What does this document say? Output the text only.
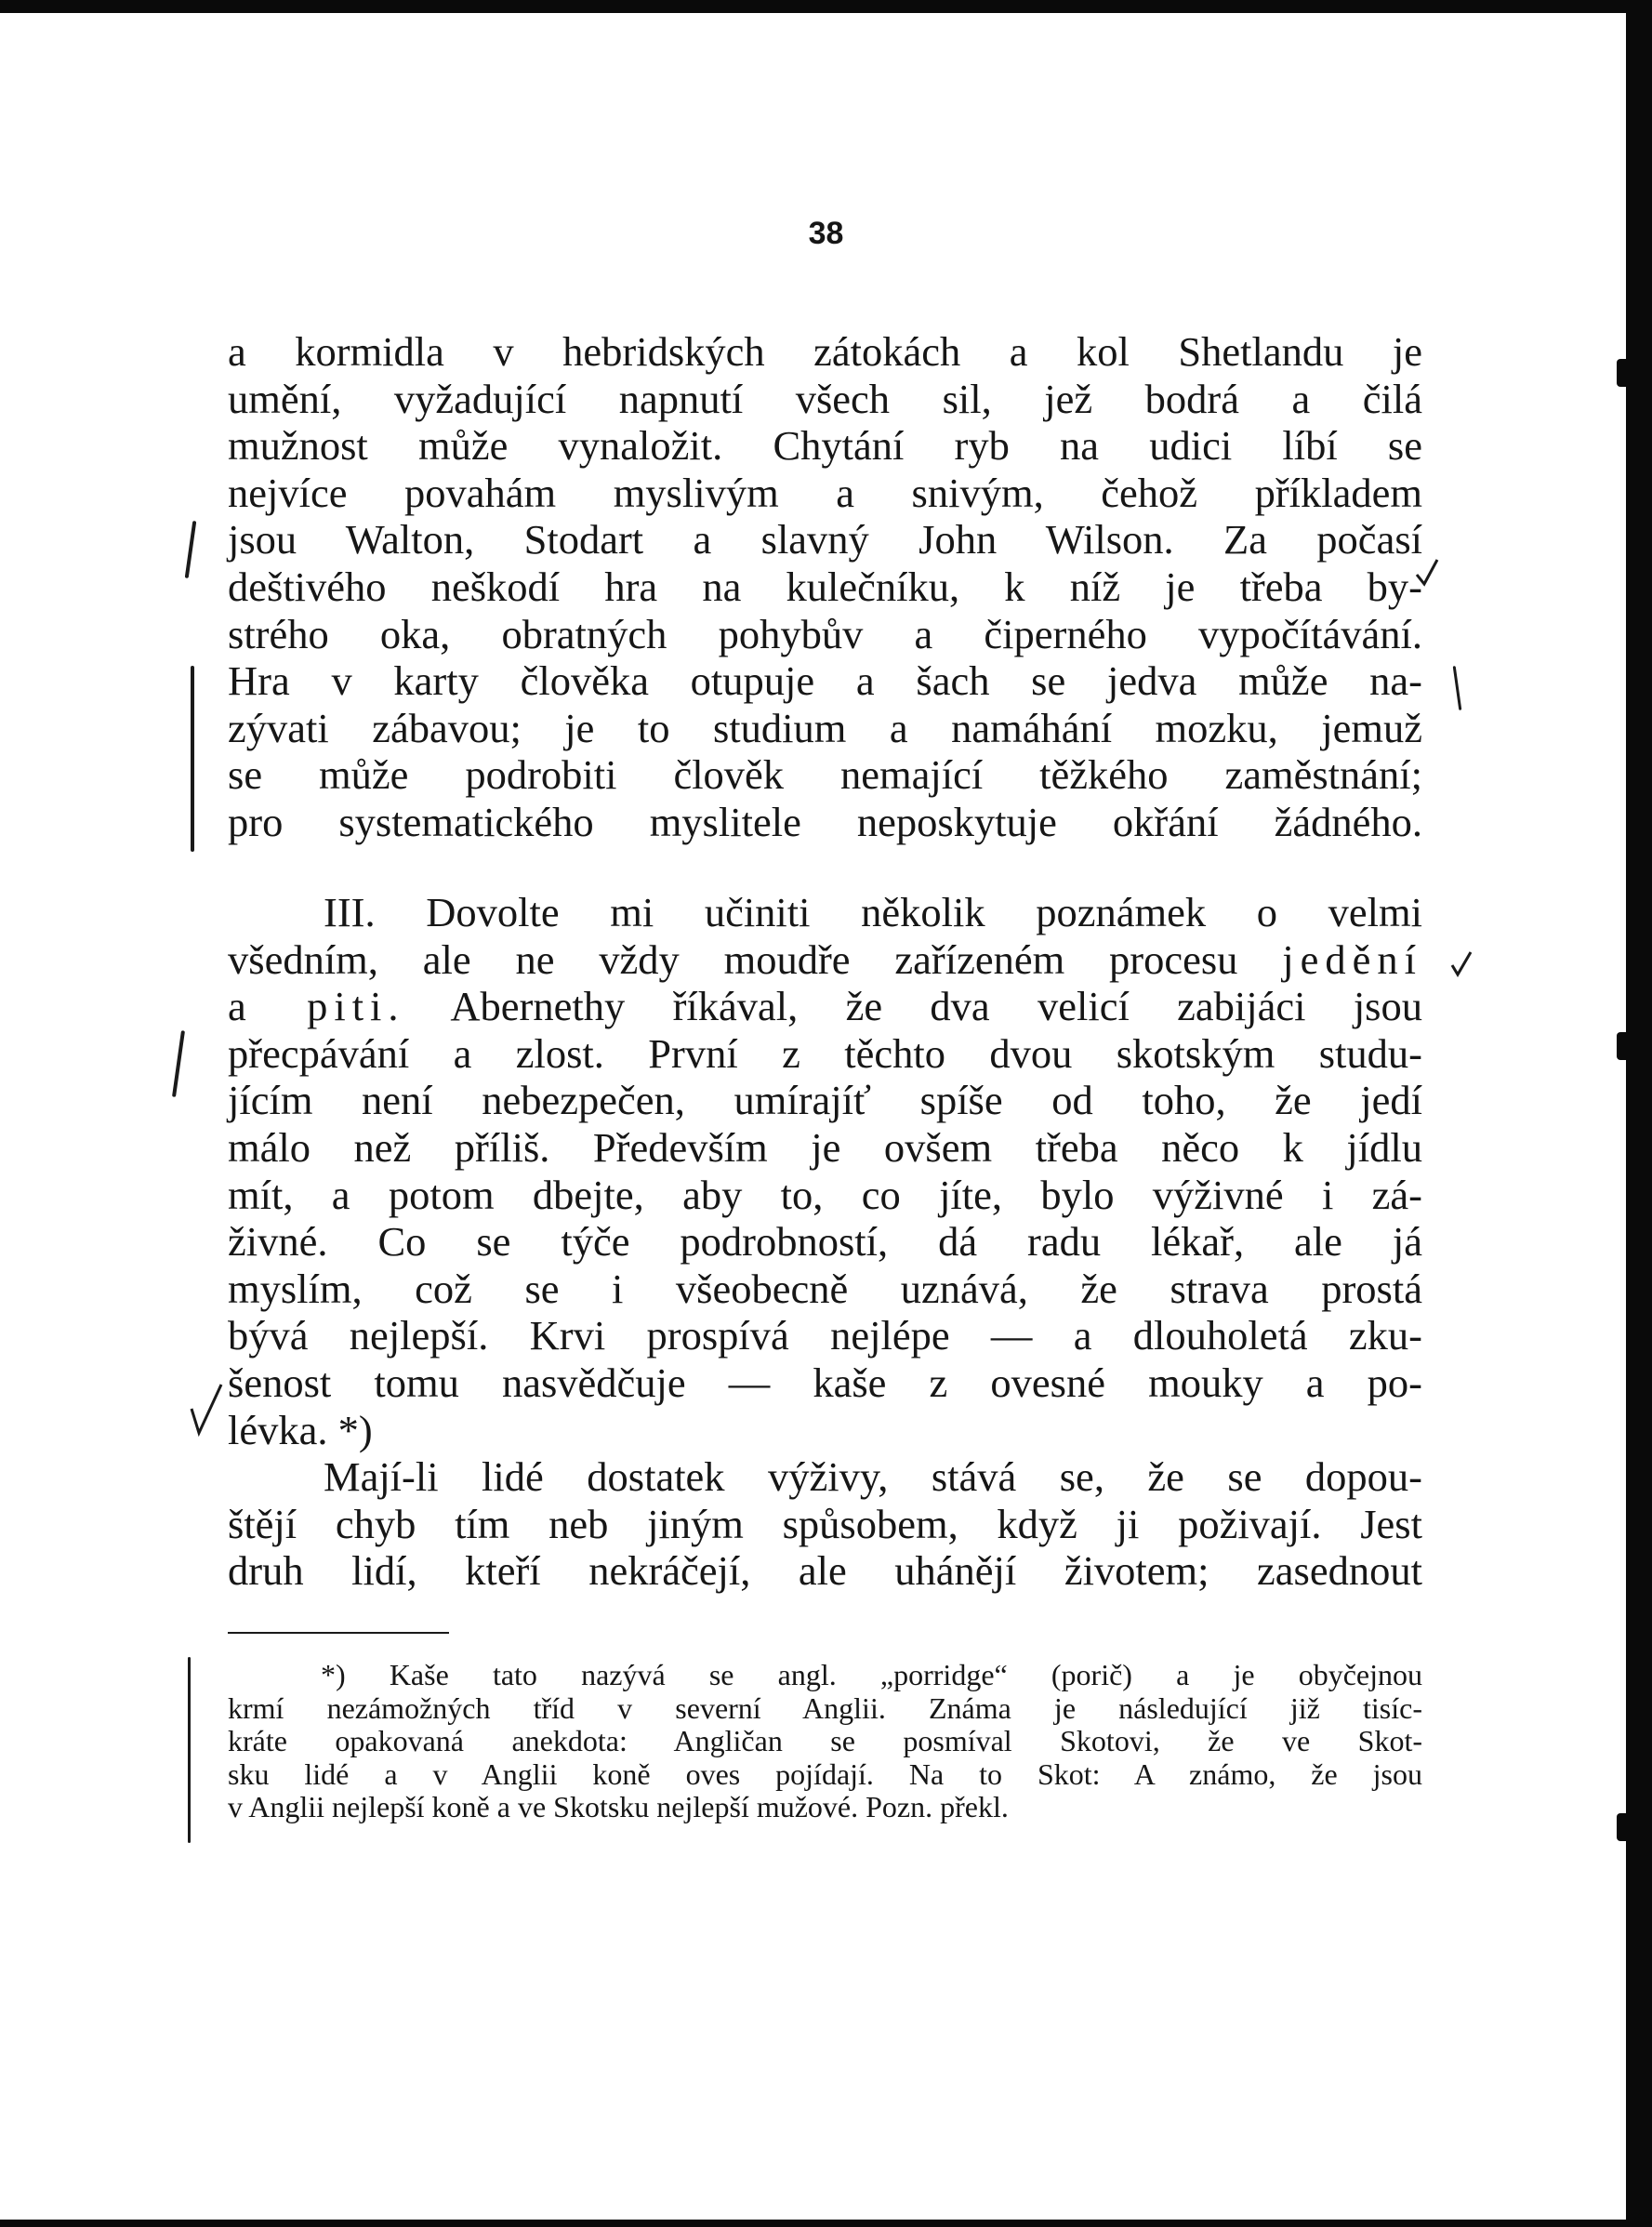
38
a kormidla v hebridských zátokách a kol Shetlandu je
umění, vyžadující napnutí všech sil, jež bodrá a čilá
mužnost může vynaložit. Chytání ryb na udici líbí se
nejvíce povahám myslivým a snivým, čehož příkladem
jsou Walton, Stodart a slavný John Wilson. Za počasí
deštivého neškodí hra na kulečníku, k níž je třeba by-
strého oka, obratných pohybův a čiperného vypočítávání.
Hra v karty člověka otupuje a šach se jedva může na-
zývati zábavou; je to studium a namáhání mozku, jemuž
se může podrobiti člověk nemající těžkého zaměstnání;
pro systematického myslitele neposkytuje okřání žádného.
III. Dovolte mi učiniti několik poznámek o velmi
všedním, ale ne vždy moudře zařízeném procesu jedění
a piti. Abernethy říkával, že dva velicí zabijáci jsou
přecpávání a zlost. První z těchto dvou skotským studu-
jícím není nebezpečen, umírajíť spíše od toho, že jedí
málo než příliš. Především je ovšem třeba něco k jídlu
mít, a potom dbejte, aby to, co jíte, bylo výživné i zá-
živné. Co se týče podrobností, dá radu lékař, ale já
myslím, což se i všeobecně uznává, že strava prostá
bývá nejlepší. Krvi prospívá nejlépe — a dlouholetá zku-
šenost tomu nasvědčuje — kaše z ovesné mouky a po-
lévka. *)
Mají-li lidé dostatek výživy, stává se, že se dopou-
štějí chyb tím neb jiným spůsobem, když ji poživají. Jest
druh lidí, kteří nekráčejí, ale uhánějí životem; zasednout
*) Kaše tato nazývá se angl. „porridge“ (porič) a je obyčejnou
krmí nezámožných tříd v severní Anglii. Známa je následující již tisíc-
kráte opakovaná anekdota: Angličan se posmíval Skotovi, že ve Skot-
sku lidé a v Anglii koně oves pojídají. Na to Skot: A známo, že jsou
v Anglii nejlepší koně a ve Skotsku nejlepší mužové. Pozn. překl.
